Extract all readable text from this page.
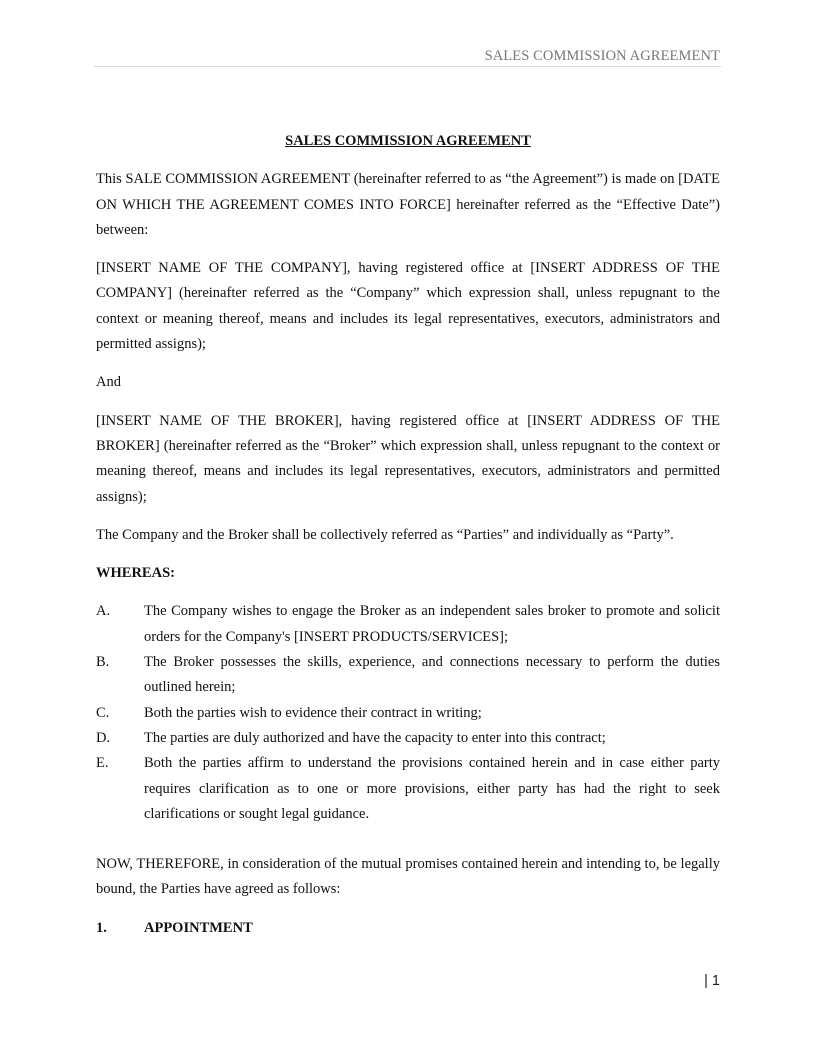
SALES COMMISSION AGREEMENT
SALES COMMISSION AGREEMENT

This SALE COMMISSION AGREEMENT (hereinafter referred to as “the Agreement”) is made on [DATE ON WHICH THE AGREEMENT COMES INTO FORCE] hereinafter referred as the “Effective Date”) between:

[INSERT NAME OF THE COMPANY], having registered office at [INSERT ADDRESS OF THE COMPANY] (hereinafter referred as the “Company” which expression shall, unless repugnant to the context or meaning thereof, means and includes its legal representatives, executors, administrators and permitted assigns);

And

[INSERT NAME OF THE BROKER], having registered office at [INSERT ADDRESS OF THE BROKER] (hereinafter referred as the “Broker” which expression shall, unless repugnant to the context or meaning thereof, means and includes its legal representatives, executors, administrators and permitted assigns);

The Company and the Broker shall be collectively referred as “Parties” and individually as “Party”.

WHEREAS:
A.	The Company wishes to engage the Broker as an independent sales broker to promote and solicit orders for the Company's [INSERT PRODUCTS/SERVICES];
B.	The Broker possesses the skills, experience, and connections necessary to perform the duties outlined herein;
C.	Both the parties wish to evidence their contract in writing;
D.	The parties are duly authorized and have the capacity to enter into this contract;
E.	Both the parties affirm to understand the provisions contained herein and in case either party requires clarification as to one or more provisions, either party has had the right to seek clarifications or sought legal guidance.

NOW, THEREFORE, in consideration of the mutual promises contained herein and intending to, be legally bound, the Parties have agreed as follows:

1.	APPOINTMENT
| 1
